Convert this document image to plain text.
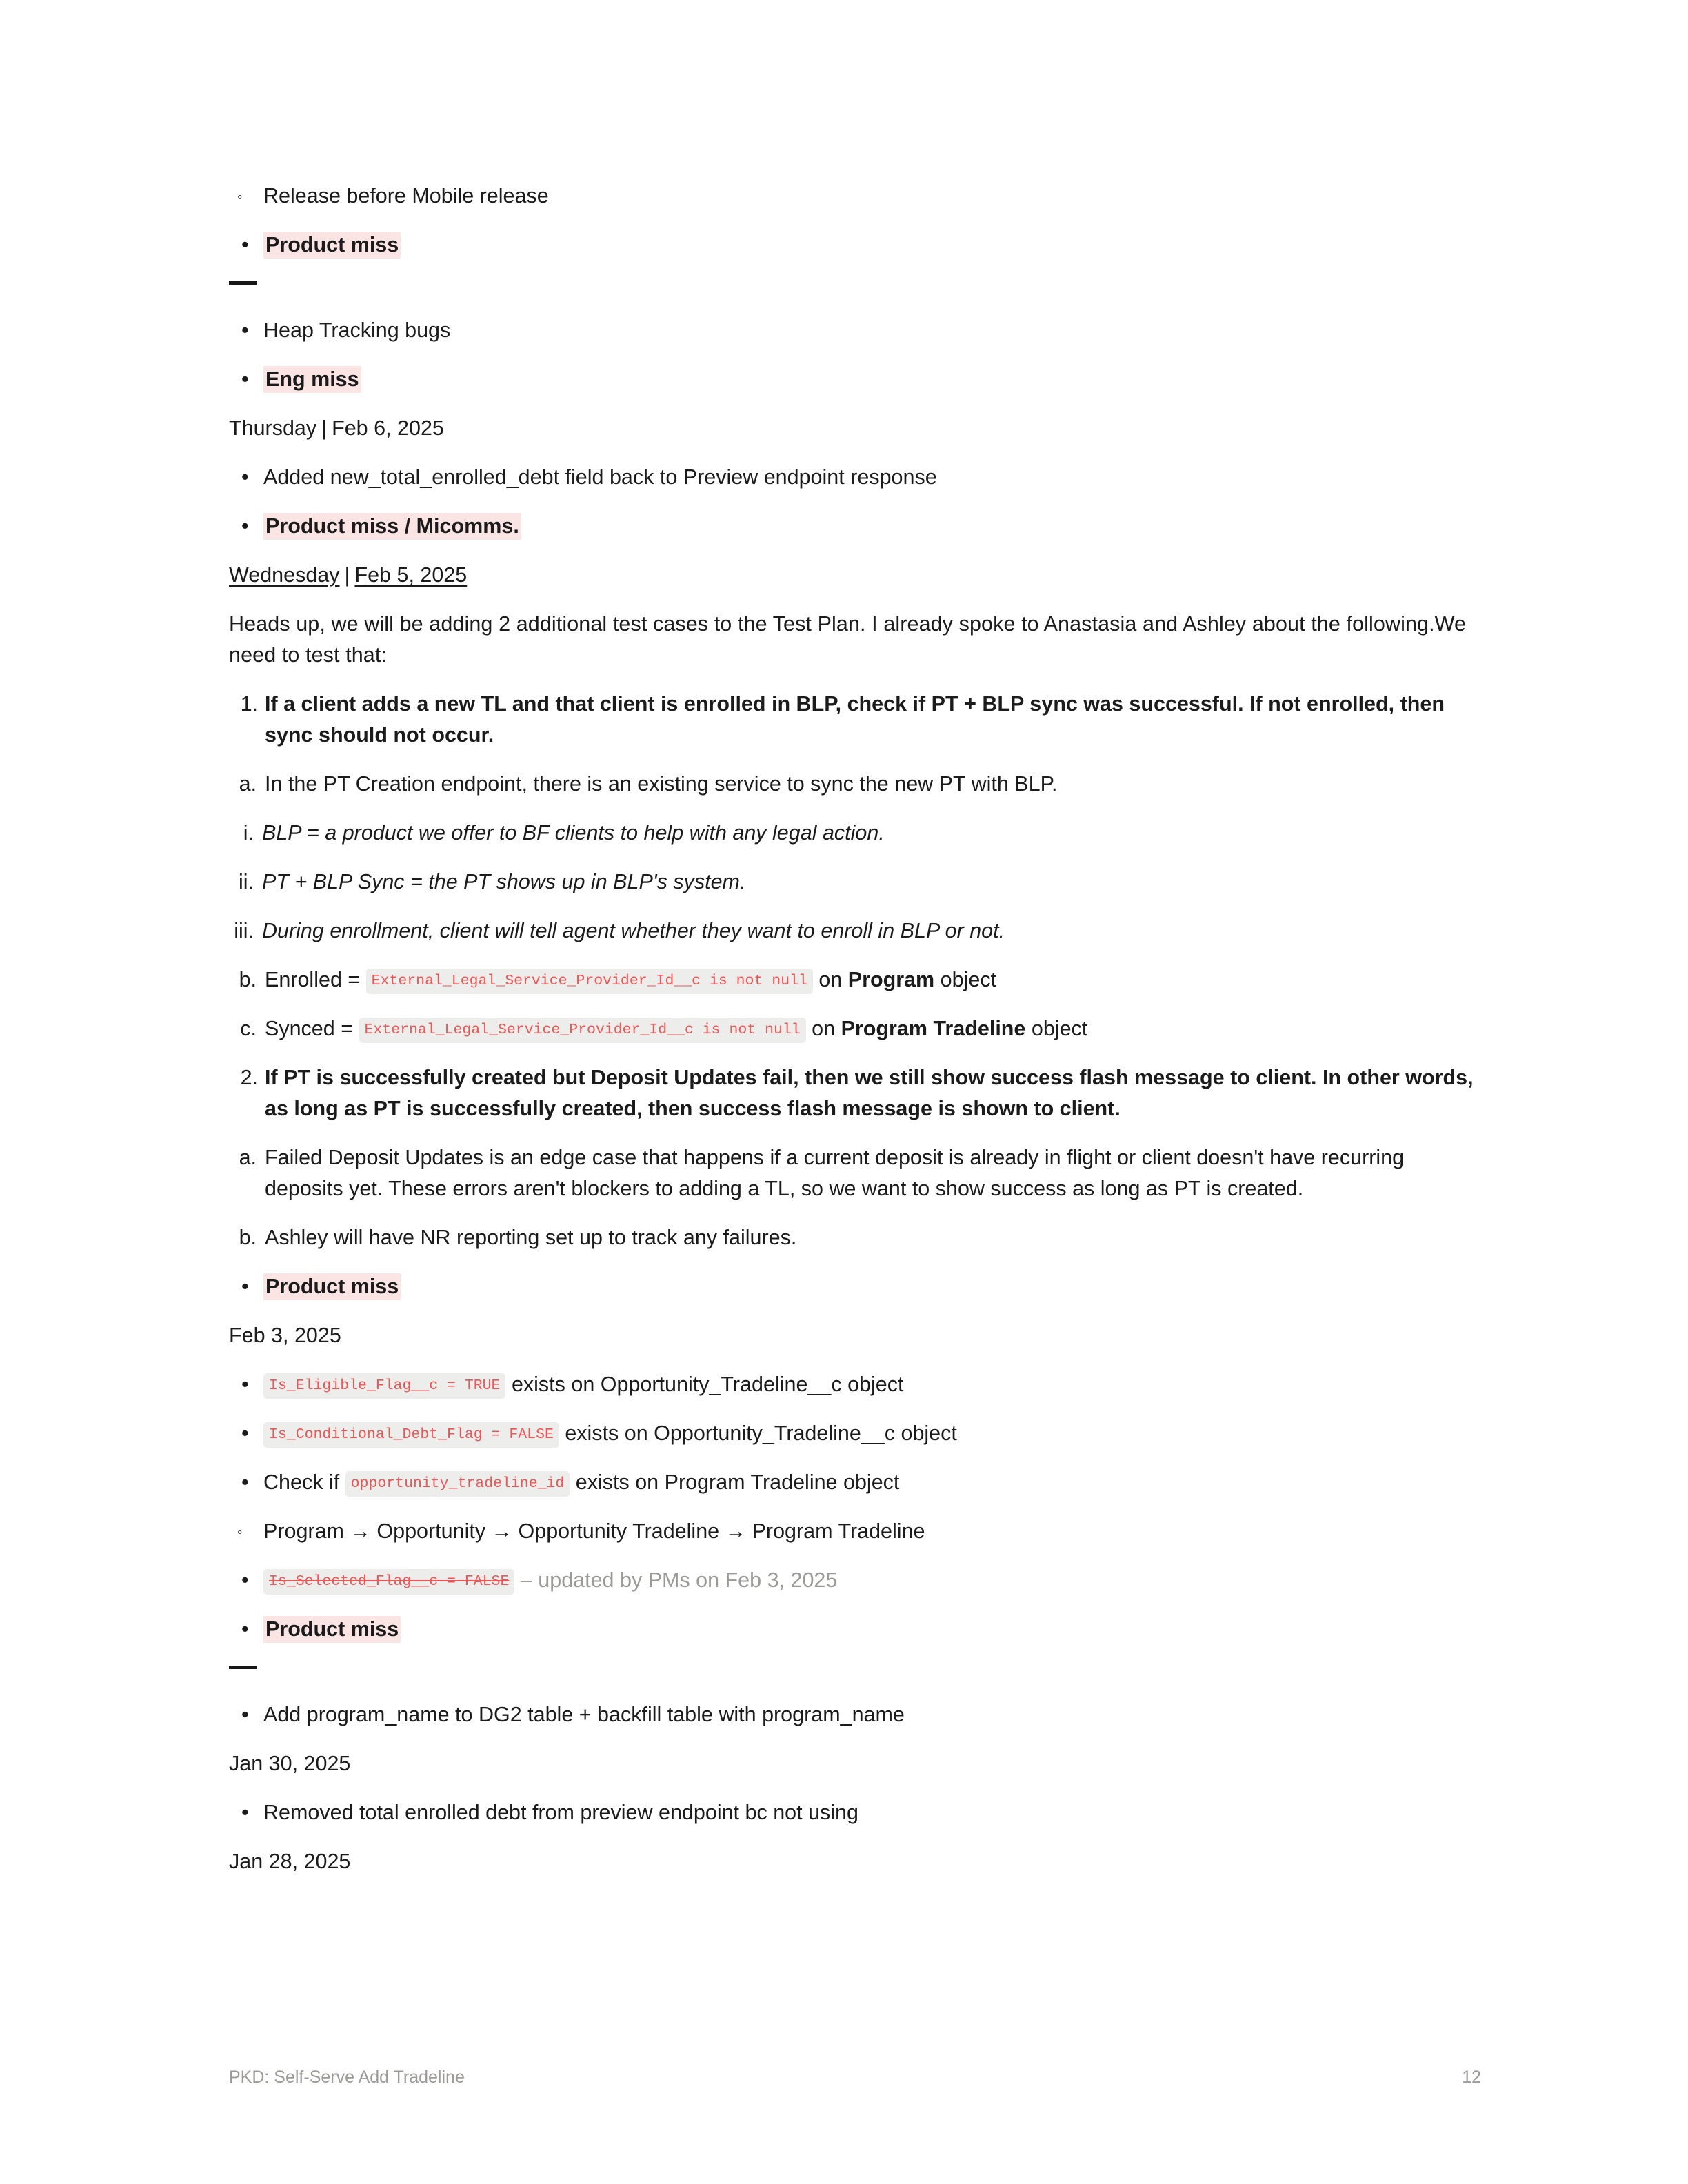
◦ Release before Mobile release
• Product miss
• Heap Tracking bugs
• Eng miss

Thursday | Feb 6, 2025

• Added new_total_enrolled_debt field back to Preview endpoint response
• Product miss / Micomms.

Wednesday | Feb 5, 2025

Heads up, we will be adding 2 additional test cases to the Test Plan. I already spoke to Anastasia and Ashley about the following.We need to test that:

1. If a client adds a new TL and that client is enrolled in BLP, check if PT + BLP sync was successful. If not enrolled, then sync should not occur.
a. In the PT Creation endpoint, there is an existing service to sync the new PT with BLP.
i. BLP = a product we offer to BF clients to help with any legal action.
ii. PT + BLP Sync = the PT shows up in BLP's system.
iii. During enrollment, client will tell agent whether they want to enroll in BLP or not.
b. Enrolled = External_Legal_Service_Provider_Id__c is not null on Program object
c. Synced = External_Legal_Service_Provider_Id__c is not null on Program Tradeline object
2. If PT is successfully created but Deposit Updates fail, then we still show success flash message to client. In other words, as long as PT is successfully created, then success flash message is shown to client.
a. Failed Deposit Updates is an edge case that happens if a current deposit is already in flight or client doesn't have recurring deposits yet. These errors aren't blockers to adding a TL, so we want to show success as long as PT is created.
b. Ashley will have NR reporting set up to track any failures.
• Product miss

Feb 3, 2025

• Is_Eligible_Flag__c = TRUE exists on Opportunity_Tradeline__c object
• Is_Conditional_Debt_Flag = FALSE exists on Opportunity_Tradeline__c object
• Check if opportunity_tradeline_id exists on Program Tradeline object
◦ Program → Opportunity → Opportunity Tradeline → Program Tradeline
• Is_Selected_Flag__c = FALSE – updated by PMs on Feb 3, 2025
• Product miss
• Add program_name to DG2 table + backfill table with program_name

Jan 30, 2025

• Removed total enrolled debt from preview endpoint bc not using

Jan 28, 2025

PKD: Self-Serve Add Tradeline	12
